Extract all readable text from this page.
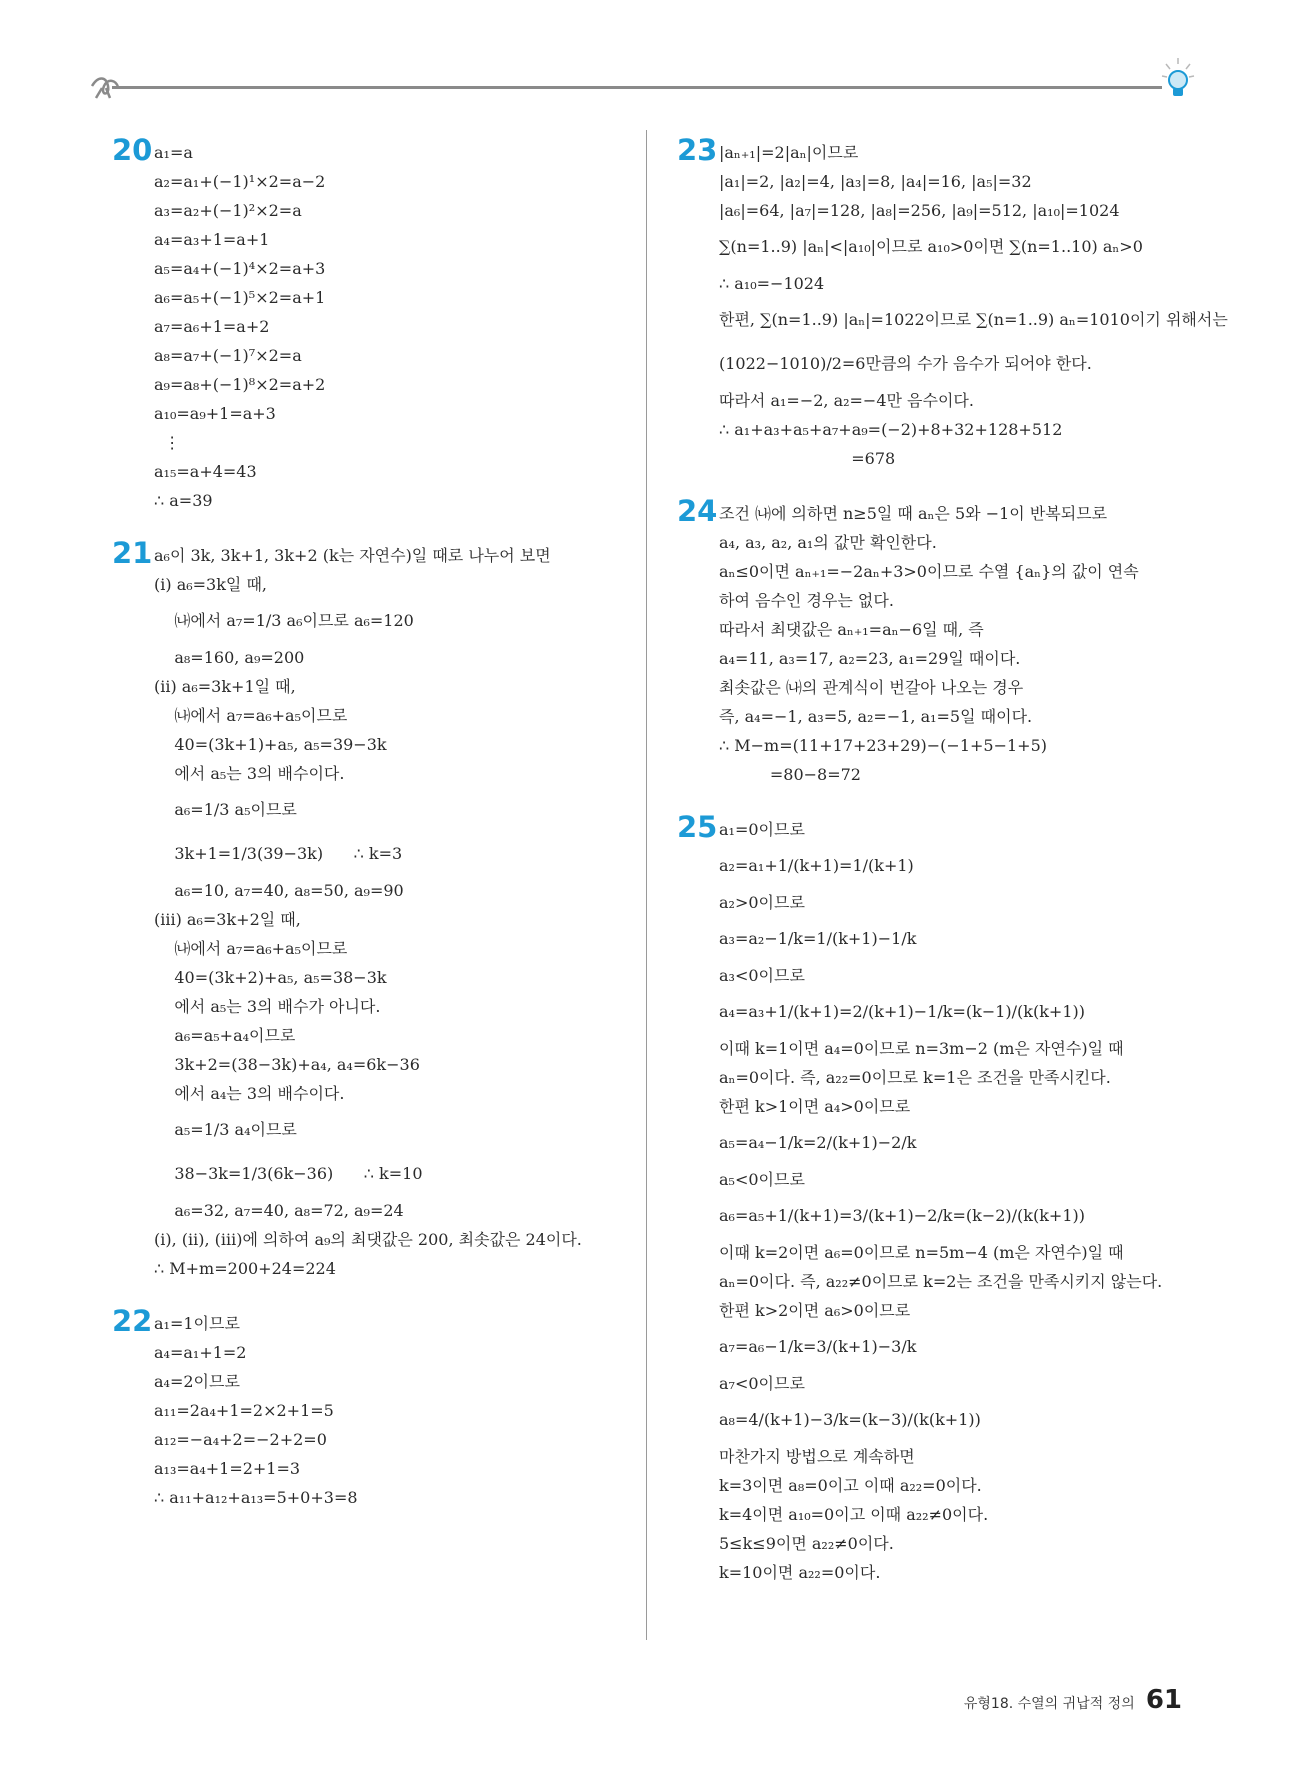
20 a₁=a
a₂=a₁+(−1)¹×2=a−2
a₃=a₂+(−1)²×2=a
a₄=a₃+1=a+1
a₅=a₄+(−1)⁴×2=a+3
a₆=a₅+(−1)⁵×2=a+1
a₇=a₆+1=a+2
a₈=a₇+(−1)⁷×2=a
a₉=a₈+(−1)⁸×2=a+2
a₁₀=a₉+1=a+3
⋮
a₁₅=a+4=43
∴ a=39
21 a₆이 3k, 3k+1, 3k+2 (k는 자연수)일 때로 나누어 보면
(ⅰ) a₆=3k일 때,
㈏에서 a₇=1/3 a₆이므로 a₆=120
a₈=160, a₉=200
(ⅱ) a₆=3k+1일 때,
㈏에서 a₇=a₆+a₅이므로
40=(3k+1)+a₅, a₅=39−3k
에서 a₅는 3의 배수이다.
a₆=1/3 a₅이므로
3k+1=1/3(39−3k)      ∴ k=3
a₆=10, a₇=40, a₈=50, a₉=90
(ⅲ) a₆=3k+2일 때,
㈏에서 a₇=a₆+a₅이므로
40=(3k+2)+a₅, a₅=38−3k
에서 a₅는 3의 배수가 아니다.
a₆=a₅+a₄이므로
3k+2=(38−3k)+a₄, a₄=6k−36
에서 a₄는 3의 배수이다.
a₅=1/3 a₄이므로
38−3k=1/3(6k−36)      ∴ k=10
a₆=32, a₇=40, a₈=72, a₉=24
(ⅰ), (ⅱ), (ⅲ)에 의하여 a₉의 최댓값은 200, 최솟값은 24이다.
∴ M+m=200+24=224
22 a₁=1이므로
a₄=a₁+1=2
a₄=2이므로
a₁₁=2a₄+1=2×2+1=5
a₁₂=−a₄+2=−2+2=0
a₁₃=a₄+1=2+1=3
∴ a₁₁+a₁₂+a₁₃=5+0+3=8
23 |aₙ₊₁|=2|aₙ|이므로
|a₁|=2, |a₂|=4, |a₃|=8, |a₄|=16, |a₅|=32
|a₆|=64, |a₇|=128, |a₈|=256, |a₉|=512, |a₁₀|=1024
∑(n=1..9) |aₙ|<|a₁₀|이므로 a₁₀>0이면 ∑(n=1..10) aₙ>0
∴ a₁₀=−1024
한편, ∑(n=1..9) |aₙ|=1022이므로 ∑(n=1..9) aₙ=1010이기 위해서는
(1022−1010)/2=6만큼의 수가 음수가 되어야 한다.
따라서 a₁=−2, a₂=−4만 음수이다.
∴ a₁+a₃+a₅+a₇+a₉=(−2)+8+32+128+512
=678
24 조건 ㈏에 의하면 n≥5일 때 aₙ은 5와 −1이 반복되므로
a₄, a₃, a₂, a₁의 값만 확인한다.
aₙ≤0이면 aₙ₊₁=−2aₙ+3>0이므로 수열 {aₙ}의 값이 연속
하여 음수인 경우는 없다.
따라서 최댓값은 aₙ₊₁=aₙ−6일 때, 즉
a₄=11, a₃=17, a₂=23, a₁=29일 때이다.
최솟값은 ㈏의 관계식이 번갈아 나오는 경우
즉, a₄=−1, a₃=5, a₂=−1, a₁=5일 때이다.
∴ M−m=(11+17+23+29)−(−1+5−1+5)
=80−8=72
25 a₁=0이므로
a₂=a₁+1/(k+1)=1/(k+1)
a₂>0이므로
a₃=a₂−1/k=1/(k+1)−1/k
a₃<0이므로
a₄=a₃+1/(k+1)=2/(k+1)−1/k=(k−1)/(k(k+1))
이때 k=1이면 a₄=0이므로 n=3m−2 (m은 자연수)일 때
aₙ=0이다. 즉, a₂₂=0이므로 k=1은 조건을 만족시킨다.
한편 k>1이면 a₄>0이므로
a₅=a₄−1/k=2/(k+1)−2/k
a₅<0이므로
a₆=a₅+1/(k+1)=3/(k+1)−2/k=(k−2)/(k(k+1))
이때 k=2이면 a₆=0이므로 n=5m−4 (m은 자연수)일 때
aₙ=0이다. 즉, a₂₂≠0이므로 k=2는 조건을 만족시키지 않는다.
한편 k>2이면 a₆>0이므로
a₇=a₆−1/k=3/(k+1)−3/k
a₇<0이므로
a₈=4/(k+1)−3/k=(k−3)/(k(k+1))
마찬가지 방법으로 계속하면
k=3이면 a₈=0이고 이때 a₂₂=0이다.
k=4이면 a₁₀=0이고 이때 a₂₂≠0이다.
5≤k≤9이면 a₂₂≠0이다.
k=10이면 a₂₂=0이다.
유형18. 수열의 귀납적 정의 61
